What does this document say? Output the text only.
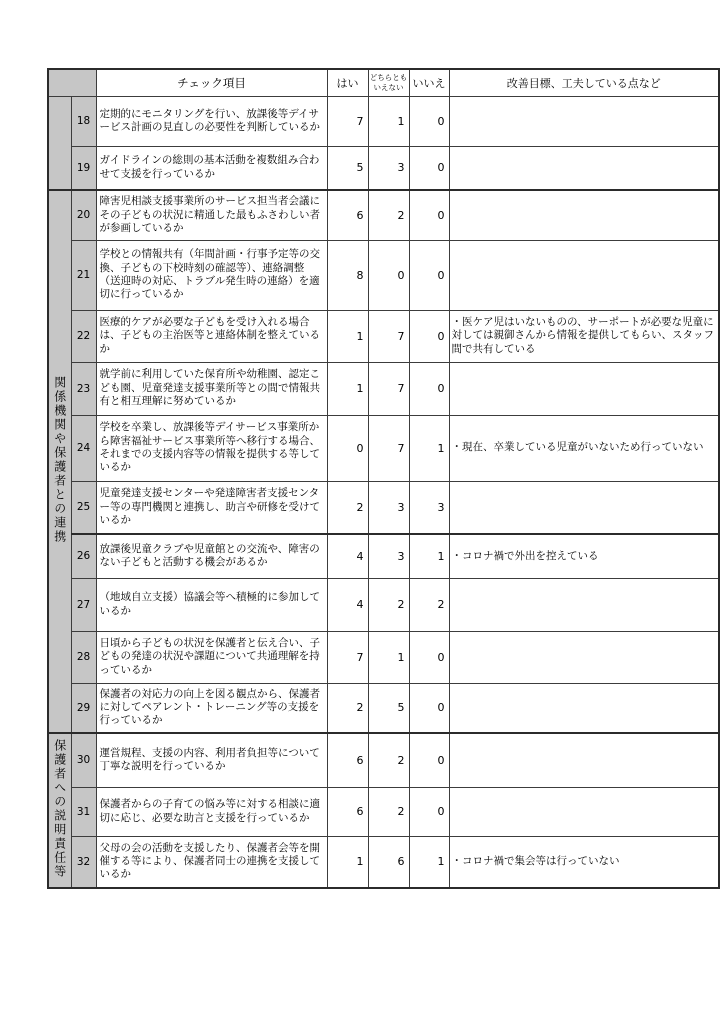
		チェック項目	はい	どちらとも
いえない	いいえ	改善目標、工夫している点など
	18	定期的にモニタリングを行い、放課後等デイサービス計画の見直しの必要性を判断しているか	7	1	0	
	19	ガイドラインの総則の基本活動を複数組み合わせて支援を行っているか	5	3	0	
関係機関や保護者との連携	20	障害児相談支援事業所のサービス担当者会議にその子どもの状況に精通した最もふさわしい者が参画しているか	6	2	0	
	21	学校との情報共有（年間計画・行事予定等の交換、子どもの下校時刻の確認等）、連絡調整（送迎時の対応、トラブル発生時の連絡）を適切に行っているか	8	0	0	
	22	医療的ケアが必要な子どもを受け入れる場合は、子どもの主治医等と連絡体制を整えているか	1	7	0	・医ケア児はいないものの、サーポートが必要な児童に対しては親御さんから情報を提供してもらい、スタッフ間で共有している
	23	就学前に利用していた保育所や幼稚園、認定こども園、児童発達支援事業所等との間で情報共有と相互理解に努めているか	1	7	0	
	24	学校を卒業し、放課後等デイサービス事業所から障害福祉サービス事業所等へ移行する場合、それまでの支援内容等の情報を提供する等しているか	0	7	1	・現在、卒業している児童がいないため行っていない
	25	児童発達支援センターや発達障害者支援センター等の専門機関と連携し、助言や研修を受けているか	2	3	3	
	26	放課後児童クラブや児童館との交流や、障害のない子どもと活動する機会があるか	4	3	1	・コロナ禍で外出を控えている
	27	（地域自立支援）協議会等へ積極的に参加しているか	4	2	2	
	28	日頃から子どもの状況を保護者と伝え合い、子どもの発達の状況や課題について共通理解を持っているか	7	1	0	
	29	保護者の対応力の向上を図る観点から、保護者に対してペアレント・トレーニング等の支援を行っているか	2	5	0	
保護者への説明責任等	30	運営規程、支援の内容、利用者負担等について丁寧な説明を行っているか	6	2	0	
	31	保護者からの子育ての悩み等に対する相談に適切に応じ、必要な助言と支援を行っているか	6	2	0	
	32	父母の会の活動を支援したり、保護者会等を開催する等により、保護者同士の連携を支援しているか	1	6	1	・コロナ禍で集会等は行っていない
